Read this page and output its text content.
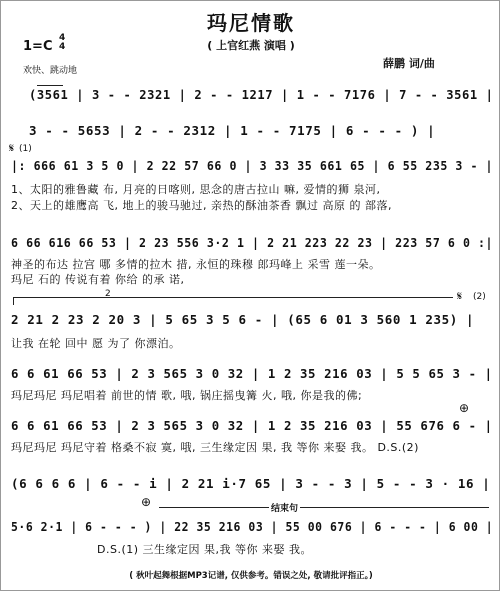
玛尼情歌
( 上官红燕 演唱 )
1=C
4
4
欢快、跳动地
薛鹏 词/曲
(3561 | 3 - - 2321 | 2 - - 1217 | 1 - - 7176 | 7 - - 3561 |
3 - - 5653 | 2 - - 2312 | 1 - - 7175 | 6 - - - ) |
(1)
𝄋
|: 666 61 3 5 0 | 2 22 57 66 0 | 3 33 35 661 65 | 6 55 235 3 - |
1、太阳的雅鲁藏 布, 月亮的日喀则, 思念的唐古拉山 嘛, 爱情的狮 泉河,
2、天上的雄鹰高 飞, 地上的骏马驰过, 亲热的酥油茶香 飘过 高原 的 部落,
6 66 616 66 53 | 2 23 556 3·2 1 | 2 21 223 22 23 | 223 57 6 0 :|
神圣的布达 拉宫 哪 多情的拉木 措, 永恒的珠穆 郎玛峰上 采雪 莲一朵。
玛尼 石的 传说有着 你给 的承 诺,
2	𝄋 (2)
2 21 2 23 2 20 3 | 5 65 3 5 6 - | (65 6 01 3 560 1 235) |
让我 在轮 回中 愿 为了 你漂泊。
6 6 61 66 53 | 2 3 565 3 0 32 | 1 2 35 216 03 | 5 5 65 3 - |
玛尼玛尼 玛尼唱着 前世的情 歌, 哦, 锅庄摇曳篝 火, 哦, 你是我的佛;
⊕
6 6 61 66 53 | 2 3 565 3 0 32 | 1 2 35 216 03 | 55 676 6 - |
玛尼玛尼 玛尼守着 格桑不寂 寞, 哦, 三生缘定因 果, 我 等你 来娶 我。 D.S.(2)
(6 6 6 6 | 6 - - i | 2 21 i·7 65 | 3 - - 3 | 5 - - 3 · 16 |
⊕	结束句
5·6 2·1 | 6 - - - ) | 22 35 216 03 | 55 00 676 | 6 - - - | 6 00 |
D.S.(1) 三生缘定因 果,我 等你 来娶 我。
( 秋叶起舞根据MP3记谱, 仅供参考。错误之处, 敬请批评指正。)
